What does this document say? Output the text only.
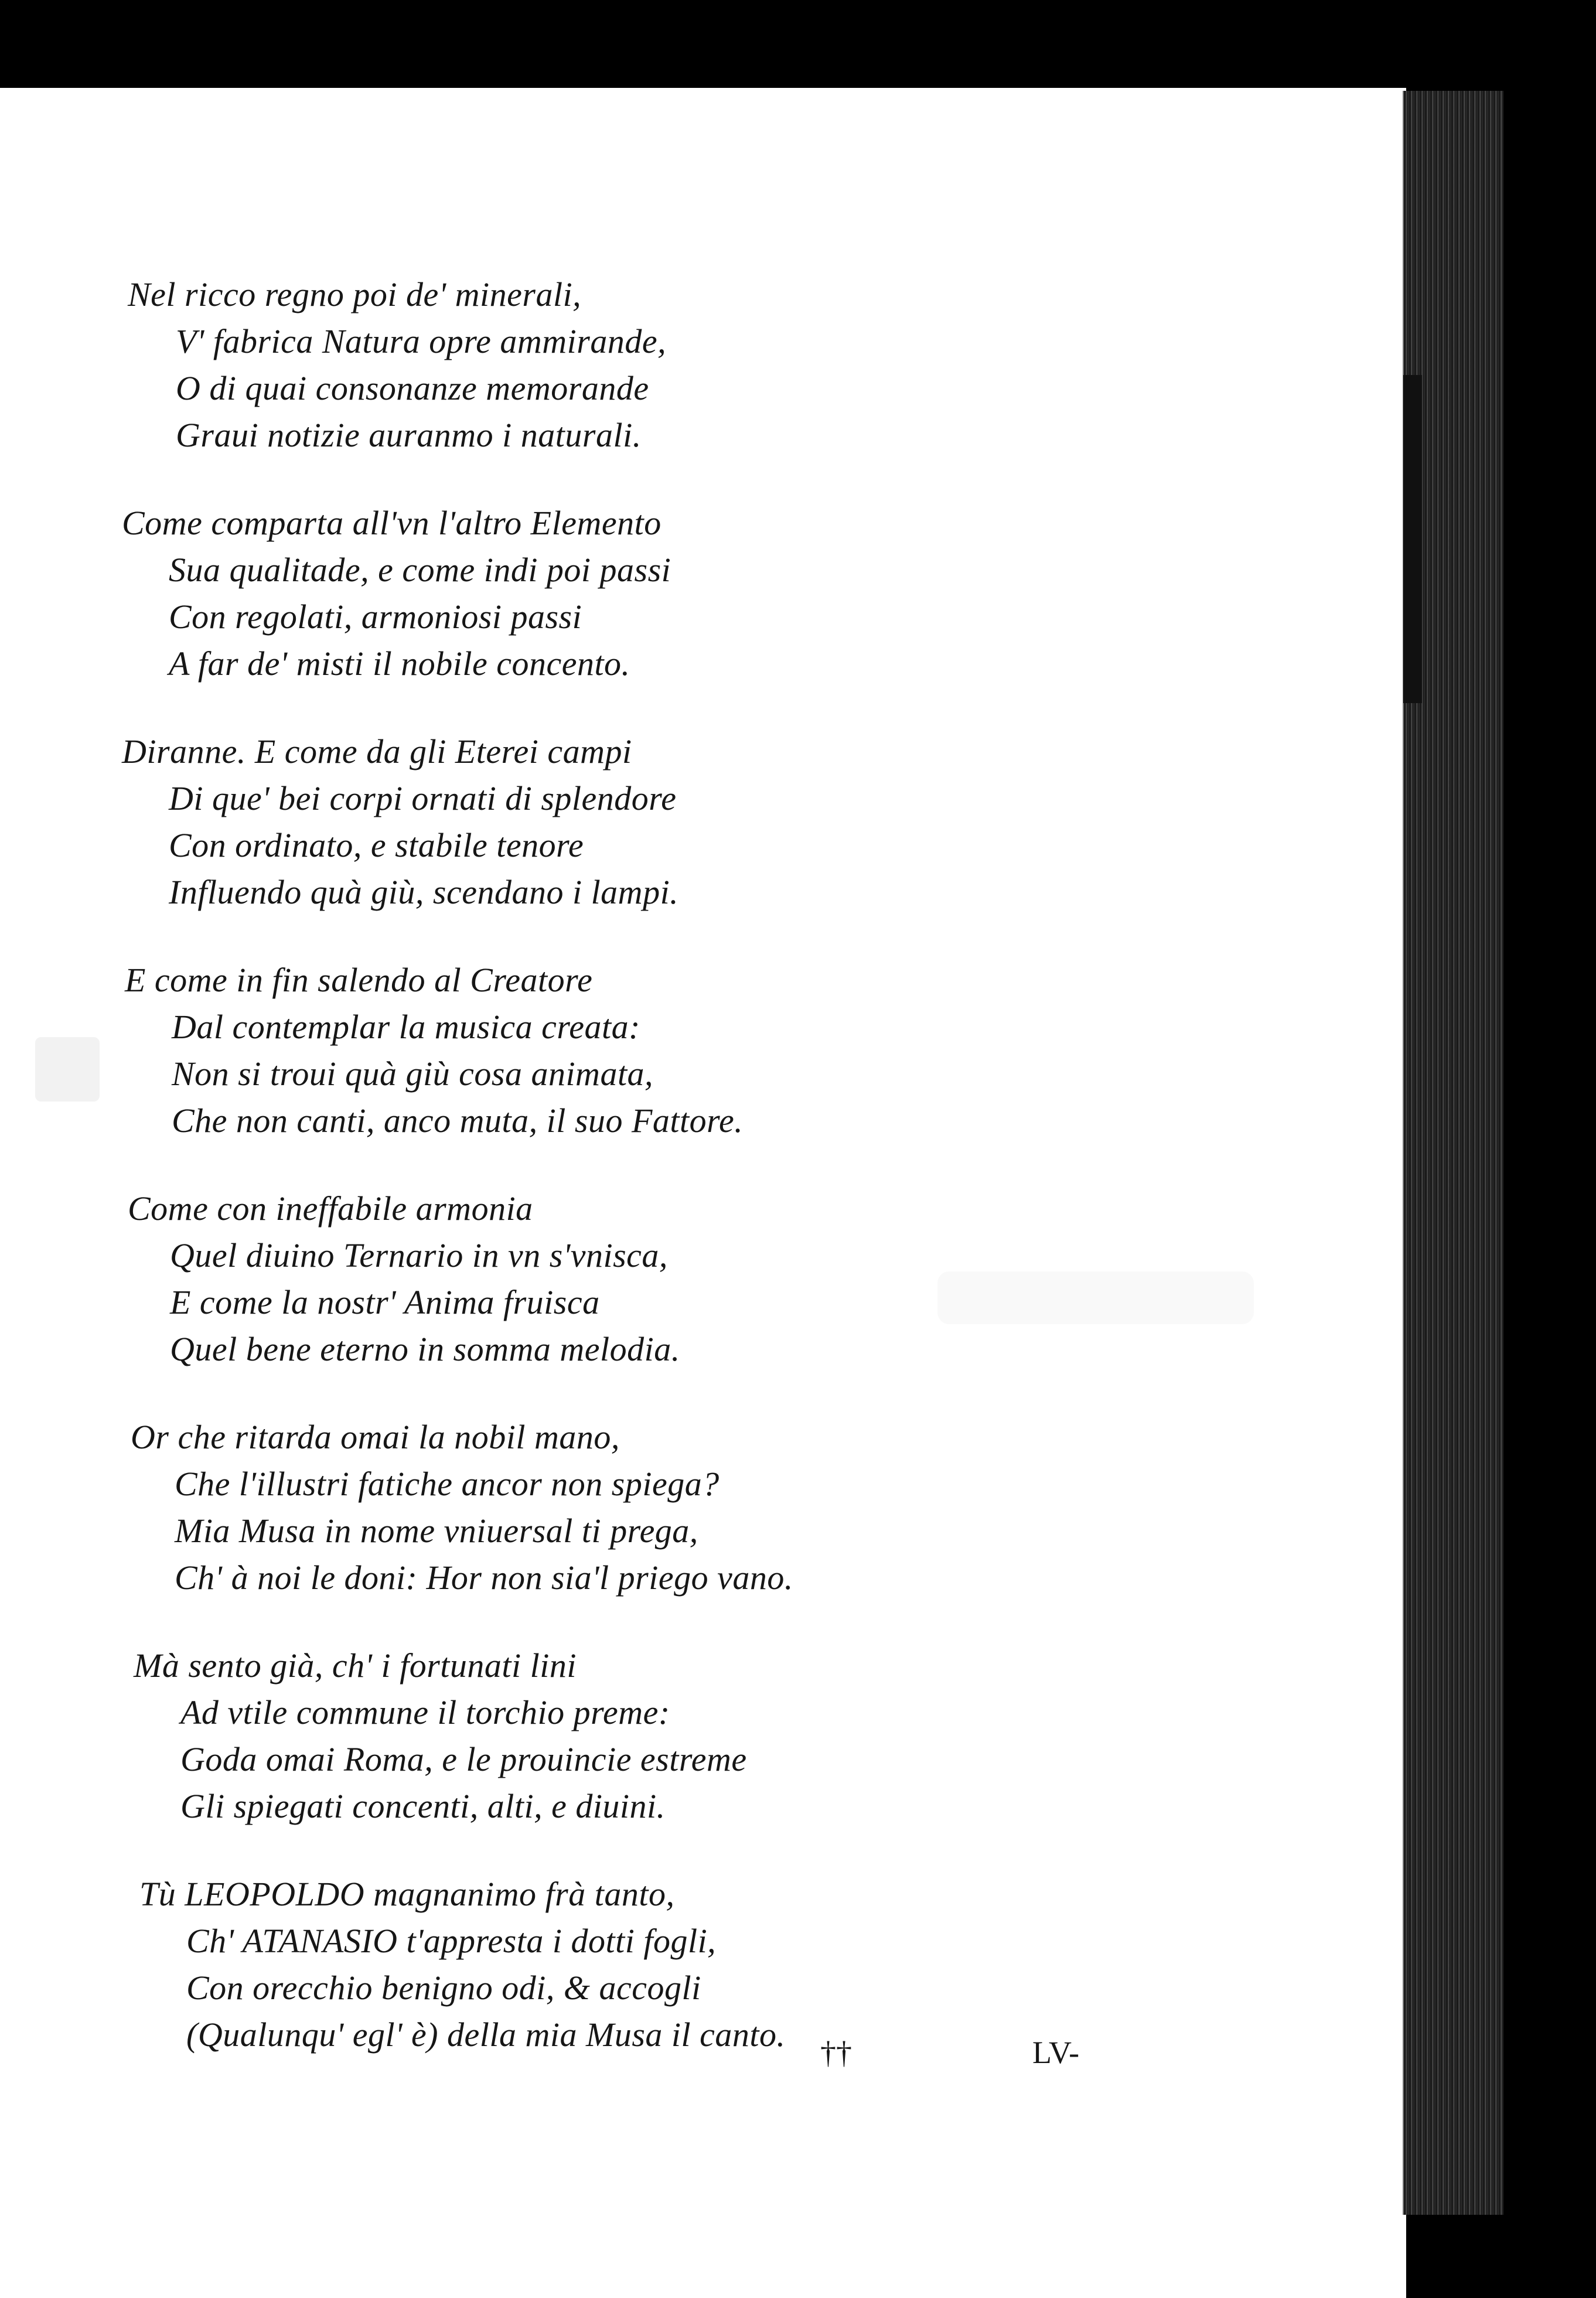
Nel ricco regno poi de' minerali,
V' fabrica Natura opre ammirande,
O di quai consonanze memorande
Graui notizie auranmo i naturali.
Come comparta all'vn l'altro Elemento
Sua qualitade, e come indi poi passi
Con regolati, armoniosi passi
A far de' misti il nobile concento.
Diranne. E come da gli Eterei campi
Di que' bei corpi ornati di splendore
Con ordinato, e stabile tenore
Influendo quà giù, scendano i lampi.
E come in fin salendo al Creatore
Dal contemplar la musica creata:
Non si troui quà giù cosa animata,
Che non canti, anco muta, il suo Fattore.
Come con ineffabile armonia
Quel diuino Ternario in vn s'vnisca,
E come la nostr' Anima fruisca
Quel bene eterno in somma melodia.
Or che ritarda omai la nobil mano,
Che l'illustri fatiche ancor non spiega?
Mia Musa in nome vniuersal ti prega,
Ch' à noi le doni: Hor non sia'l priego vano.
Mà sento già, ch' i fortunati lini
Ad vtile commune il torchio preme:
Goda omai Roma, e le prouincie estreme
Gli spiegati concenti, alti, e diuini.
Tù LEOPOLDO magnanimo frà tanto,
Ch' ATANASIO t'appresta i dotti fogli,
Con orecchio benigno odi, & accogli
(Qualunqu' egl' è) della mia Musa il canto. ††	LV-
